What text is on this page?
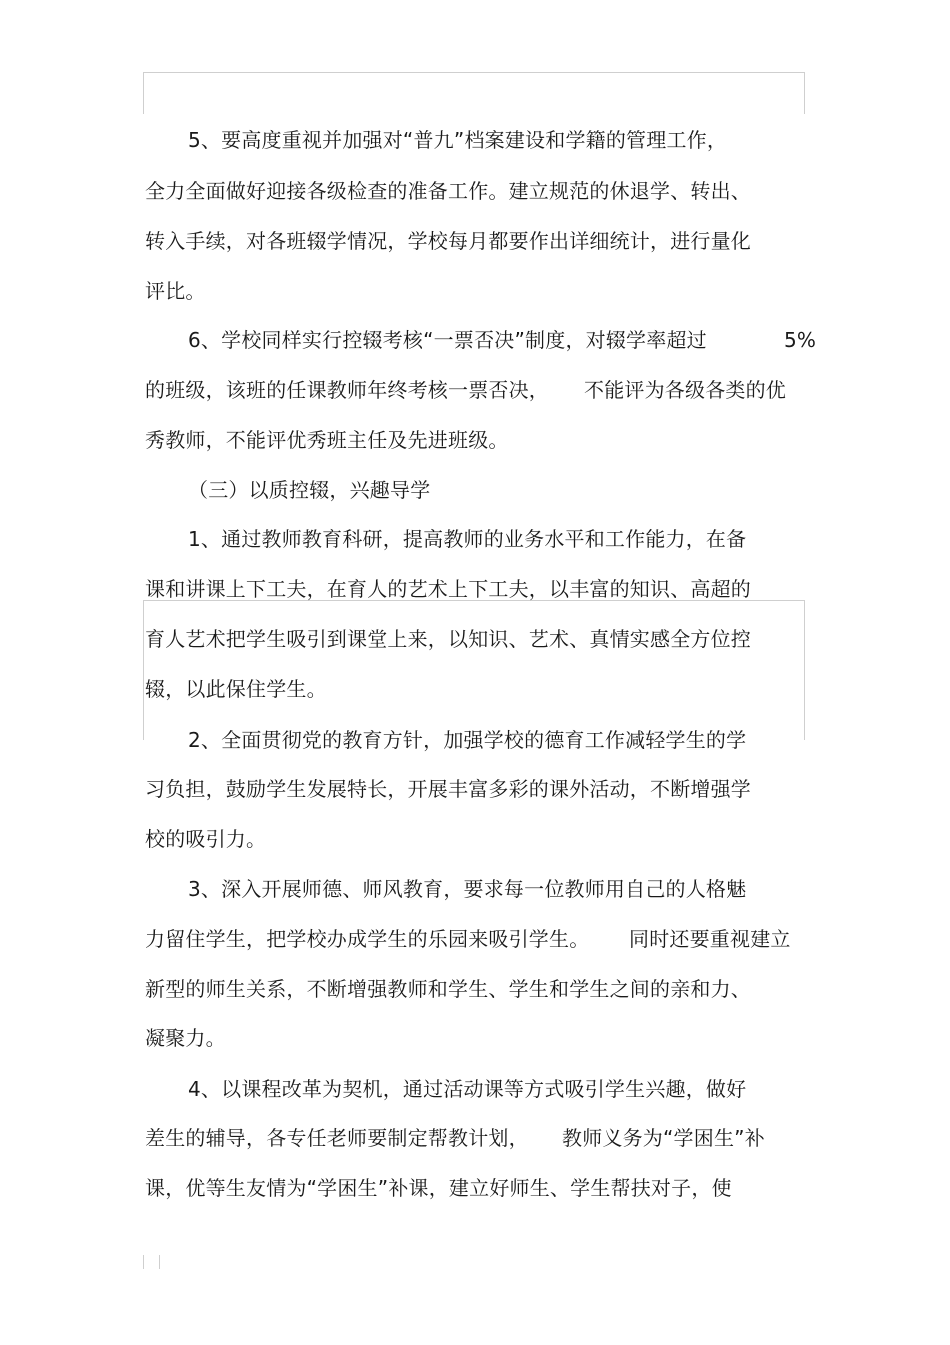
5、要高度重视并加强对“普九”档案建设和学籍的管理工作，
全力全面做好迎接各级检查的准备工作。建立规范的休退学、转出、
转入手续，对各班辍学情况，学校每月都要作出详细统计，进行量化
评比。
6、学校同样实行控辍考核“一票否决”制度，对辍学率超过	5%
的班级，该班的任课教师年终考核一票否决， 不能评为各级各类的优
秀教师，不能评优秀班主任及先进班级。
（三）以质控辍，兴趣导学
1、通过教师教育科研，提高教师的业务水平和工作能力，在备
课和讲课上下工夫，在育人的艺术上下工夫，以丰富的知识、高超的
育人艺术把学生吸引到课堂上来，以知识、艺术、真情实感全方位控
辍，以此保住学生。
2、全面贯彻党的教育方针，加强学校的德育工作减轻学生的学
习负担，鼓励学生发展特长，开展丰富多彩的课外活动，不断增强学
校的吸引力。
3、深入开展师德、师风教育，要求每一位教师用自己的人格魅
力留住学生，把学校办成学生的乐园来吸引学生。 同时还要重视建立
新型的师生关系，不断增强教师和学生、学生和学生之间的亲和力、
凝聚力。
4、以课程改革为契机，通过活动课等方式吸引学生兴趣，做好
差生的辅导，各专任老师要制定帮教计划， 教师义务为“学困生”补
课，优等生友情为“学困生”补课，建立好师生、学生帮扶对子，使
